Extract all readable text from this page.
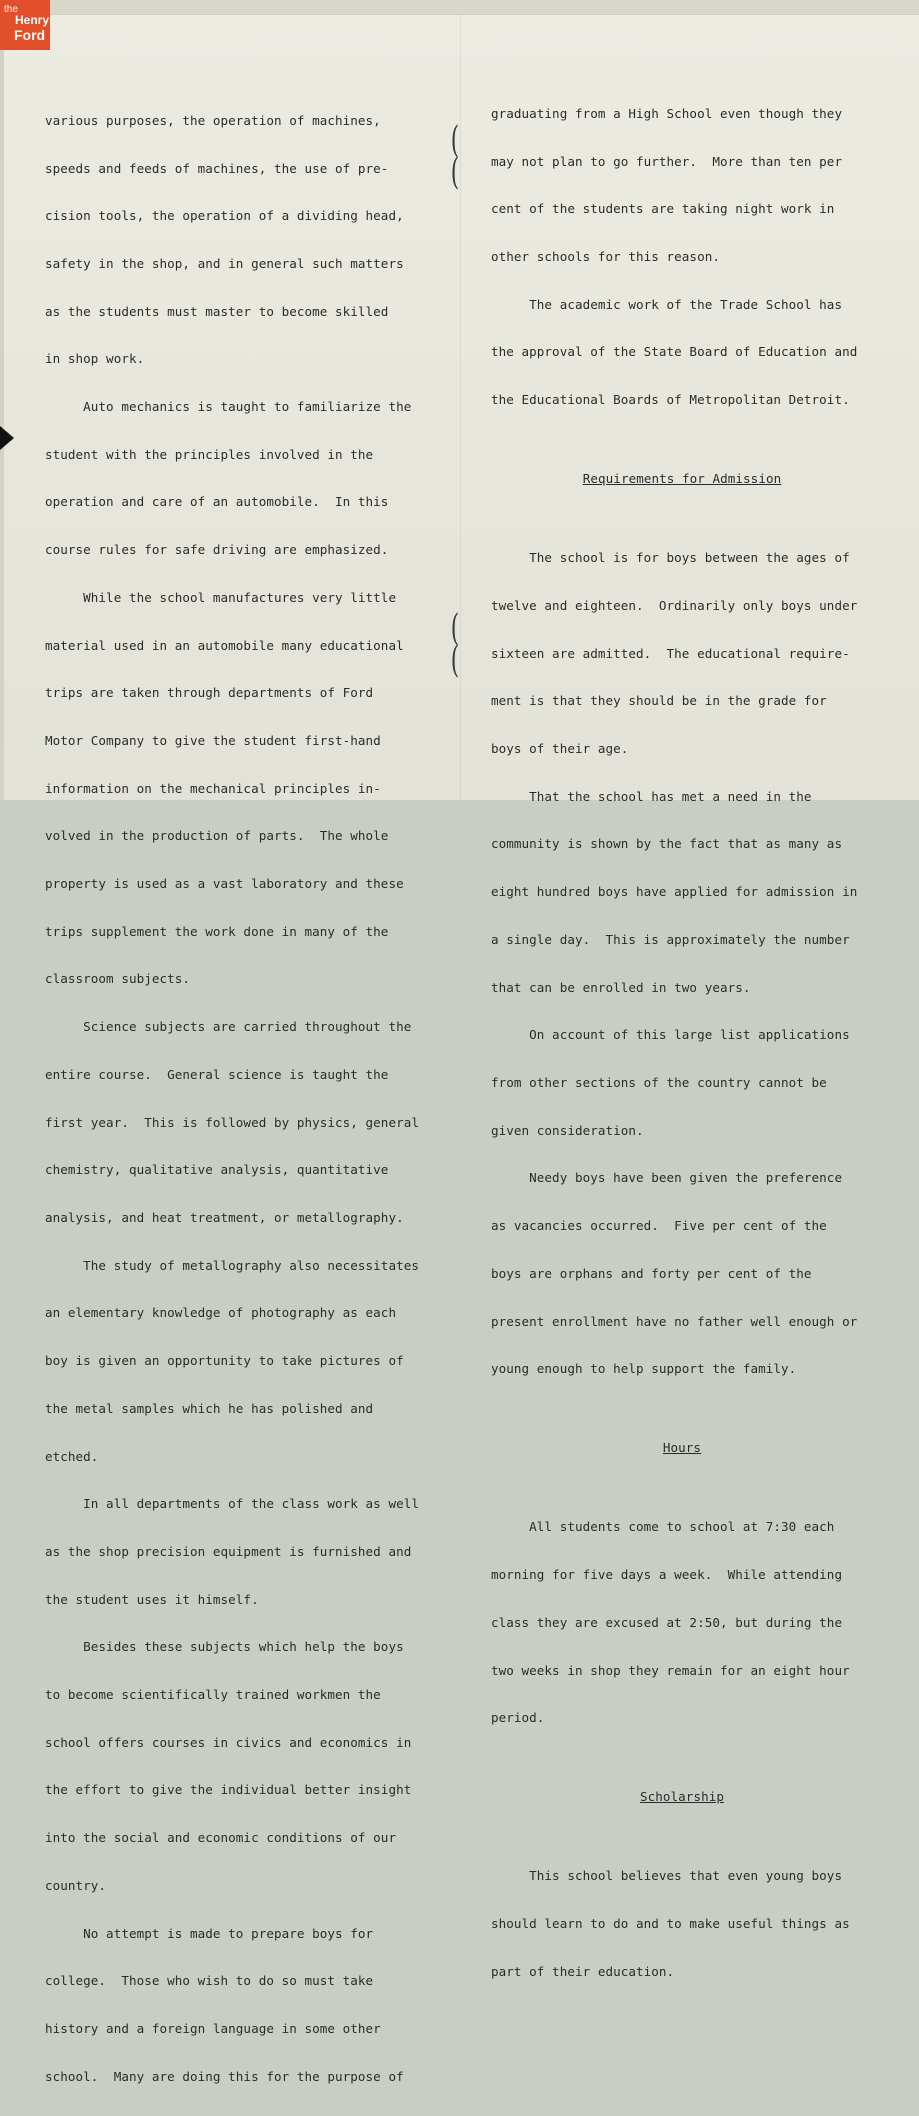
the
Henry
Ford
(
(
(
(

various purposes, the operation of machines,

speeds and feeds of machines, the use of pre-

cision tools, the operation of a dividing head,

safety in the shop, and in general such matters

as the students must master to become skilled

in shop work.

Auto mechanics is taught to familiarize the

student with the principles involved in the

operation and care of an automobile.  In this

course rules for safe driving are emphasized.

While the school manufactures very little

material used in an automobile many educational

trips are taken through departments of Ford

Motor Company to give the student first-hand

information on the mechanical principles in-

volved in the production of parts.  The whole

property is used as a vast laboratory and these

trips supplement the work done in many of the

classroom subjects.

Science subjects are carried throughout the

entire course.  General science is taught the

first year.  This is followed by physics, general

chemistry, qualitative analysis, quantitative

analysis, and heat treatment, or metallography.

The study of metallography also necessitates

an elementary knowledge of photography as each

boy is given an opportunity to take pictures of

the metal samples which he has polished and

etched.

In all departments of the class work as well

as the shop precision equipment is furnished and

the student uses it himself.

Besides these subjects which help the boys

to become scientifically trained workmen the

school offers courses in civics and economics in

the effort to give the individual better insight

into the social and economic conditions of our

country.

No attempt is made to prepare boys for

college.  Those who wish to do so must take

history and a foreign language in some other

school.  Many are doing this for the purpose of

graduating from a High School even though they

may not plan to go further.  More than ten per

cent of the students are taking night work in

other schools for this reason.

The academic work of the Trade School has

the approval of the State Board of Education and

the Educational Boards of Metropolitan Detroit.

Requirements for Admission

The school is for boys between the ages of

twelve and eighteen.  Ordinarily only boys under

sixteen are admitted.  The educational require-

ment is that they should be in the grade for

boys of their age.

That the school has met a need in the

community is shown by the fact that as many as

eight hundred boys have applied for admission in

a single day.  This is approximately the number

that can be enrolled in two years.

On account of this large list applications

from other sections of the country cannot be

given consideration.

Needy boys have been given the preference

as vacancies occurred.  Five per cent of the

boys are orphans and forty per cent of the

present enrollment have no father well enough or

young enough to help support the family.

Hours

All students come to school at 7:30 each

morning for five days a week.  While attending

class they are excused at 2:50, but during the

two weeks in shop they remain for an eight hour

period.

Scholarship

This school believes that even young boys

should learn to do and to make useful things as

part of their education.
